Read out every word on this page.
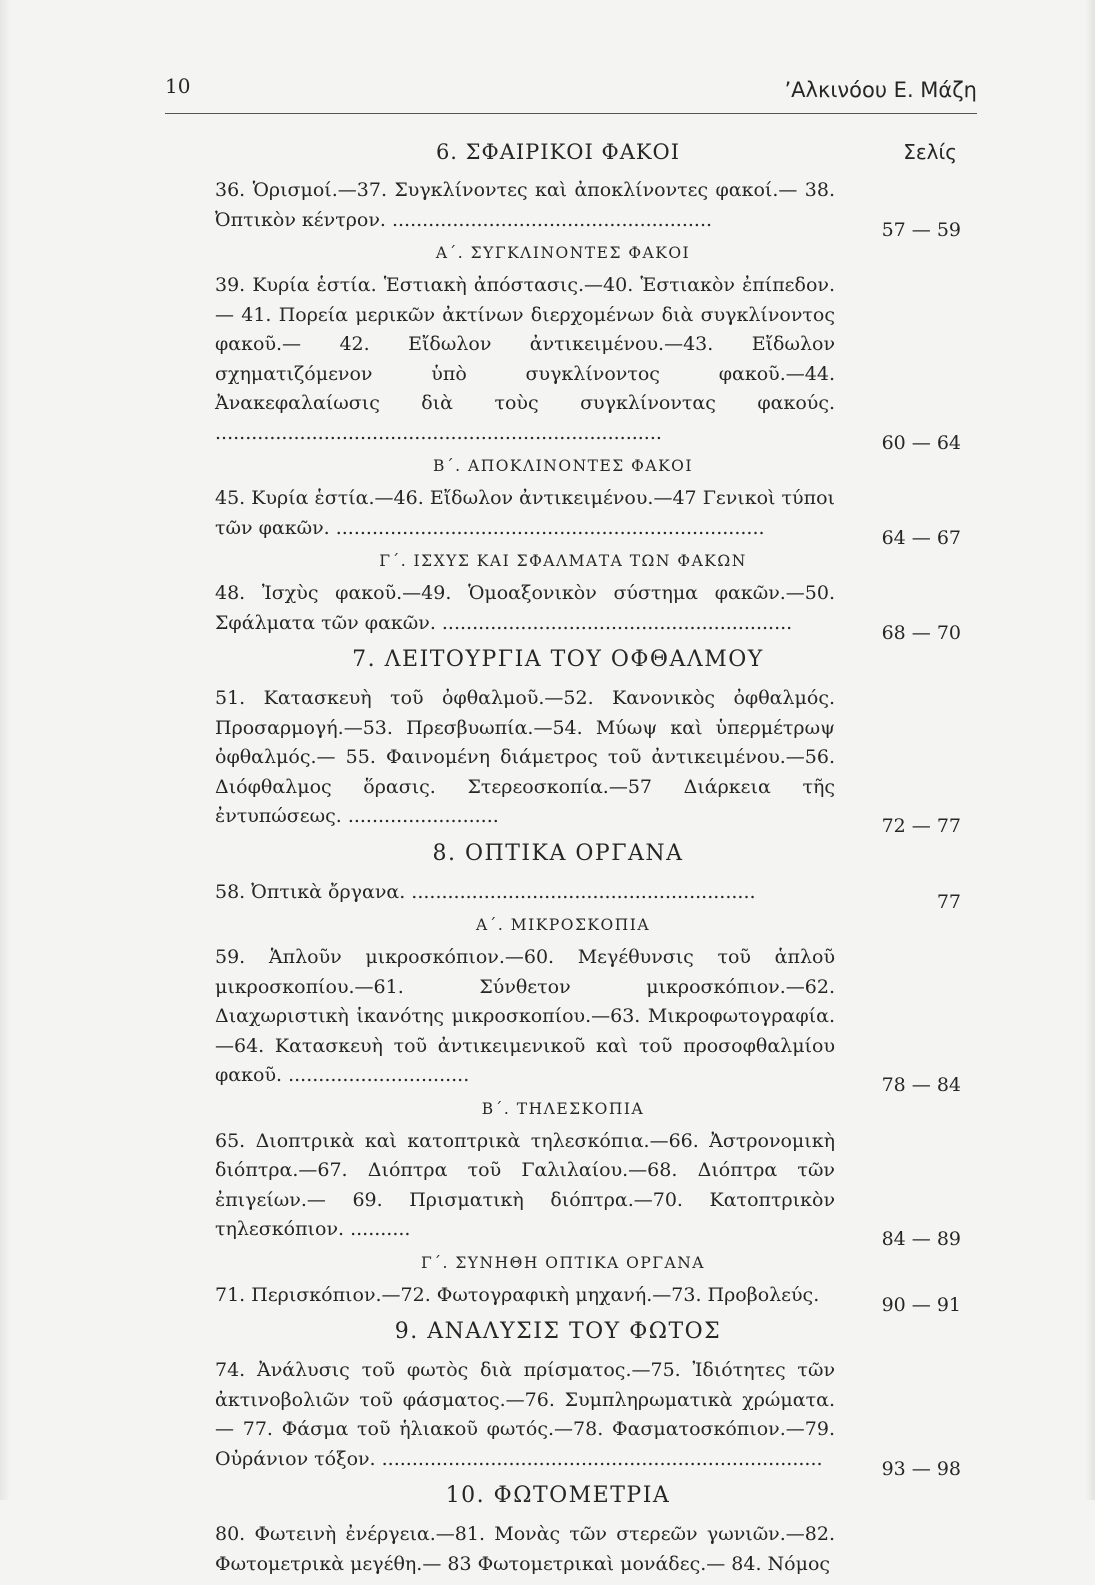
10	’Αλκινόου Ε. Μάζη
Σελίς
6. ΣΦΑΙΡΙΚΟΙ ΦΑΚΟΙ
36. Ὁρισμοί.—37. Συγκλίνοντες καὶ ἀποκλίνοντες φακοί.— 38. Ὀπτικὸν κέντρον. .....................................................	57 — 59
Α΄. ΣΥΓΚΛΙΝΟΝΤΕΣ ΦΑΚΟΙ
39. Κυρία ἑστία. Ἑστιακὴ ἀπόστασις.—40. Ἑστιακὸν ἐπίπεδον.— 41. Πορεία μερικῶν ἀκτίνων διερχομένων διὰ συγκλίνοντος φακοῦ.— 42. Εἴδωλον ἀντικειμένου.—43. Εἴδωλον σχηματιζόμενον ὑπὸ συγκλίνοντος φακοῦ.—44. Ἀνακεφαλαίωσις διὰ τοὺς συγκλίνοντας φακούς. ..........................................................................	60 — 64
Β΄. ΑΠΟΚΛΙΝΟΝΤΕΣ ΦΑΚΟΙ
45. Κυρία ἑστία.—46. Εἴδωλον ἀντικειμένου.—47 Γενικοὶ τύποι τῶν φακῶν. .......................................................................	64 — 67
Γ΄. ΙΣΧΥΣ ΚΑΙ ΣΦΑΛΜΑΤΑ ΤΩΝ ΦΑΚΩΝ
48. Ἰσχὺς φακοῦ.—49. Ὁμοαξονικὸν σύστημα φακῶν.—50. Σφάλματα τῶν φακῶν. ..........................................................	68 — 70
7. ΛΕΙΤΟΥΡΓΙΑ ΤΟΥ ΟΦΘΑΛΜΟΥ
51. Κατασκευὴ τοῦ ὀφθαλμοῦ.—52. Κανονικὸς ὀφθαλμός. Προσαρμογή.—53. Πρεσβυωπία.—54. Μύωψ καὶ ὑπερμέτρωψ ὀφθαλμός.— 55. Φαινομένη διάμετρος τοῦ ἀντικειμένου.—56. Διόφθαλμος ὅρασις. Στερεοσκοπία.—57 Διάρκεια τῆς ἐντυπώσεως. .........................	72 — 77
8. ΟΠΤΙΚΑ ΟΡΓΑΝΑ
58. Ὀπτικὰ ὄργανα. .........................................................	77
Α΄. ΜΙΚΡΟΣΚΟΠΙΑ
59. Ἁπλοῦν μικροσκόπιον.—60. Μεγέθυνσις τοῦ ἁπλοῦ μικροσκοπίου.—61. Σύνθετον μικροσκόπιον.—62. Διαχωριστικὴ ἱκανότης μικροσκοπίου.—63. Μικροφωτογραφία.—64. Κατασκευὴ τοῦ ἀντικειμενικοῦ καὶ τοῦ προσοφθαλμίου φακοῦ. ..............................	78 — 84
Β΄. ΤΗΛΕΣΚΟΠΙΑ
65. Διοπτρικὰ καὶ κατοπτρικὰ τηλεσκόπια.—66. Ἀστρονομικὴ διόπτρα.—67. Διόπτρα τοῦ Γαλιλαίου.—68. Διόπτρα τῶν ἐπιγείων.— 69. Πρισματικὴ διόπτρα.—70. Κατοπτρικὸν τηλεσκόπιον. ..........	84 — 89
Γ΄. ΣΥΝΗΘΗ ΟΠΤΙΚΑ ΟΡΓΑΝΑ
71. Περισκόπιον.—72. Φωτογραφικὴ μηχανή.—73. Προβολεύς.	90 — 91
9. ΑΝΑΛΥΣΙΣ ΤΟΥ ΦΩΤΟΣ
74. Ἀνάλυσις τοῦ φωτὸς διὰ πρίσματος.—75. Ἰδιότητες τῶν ἀκτινοβολιῶν τοῦ φάσματος.—76. Συμπληρωματικὰ χρώματα.— 77. Φάσμα τοῦ ἡλιακοῦ φωτός.—78. Φασματοσκόπιον.—79. Οὐράνιον τόξον. .........................................................................	93 — 98
10. ΦΩΤΟΜΕΤΡΙΑ
80. Φωτεινὴ ἐνέργεια.—81. Μονὰς τῶν στερεῶν γωνιῶν.—82. Φωτομετρικὰ μεγέθη.— 83 Φωτομετρικαὶ μονάδες.— 84. Νόμος
